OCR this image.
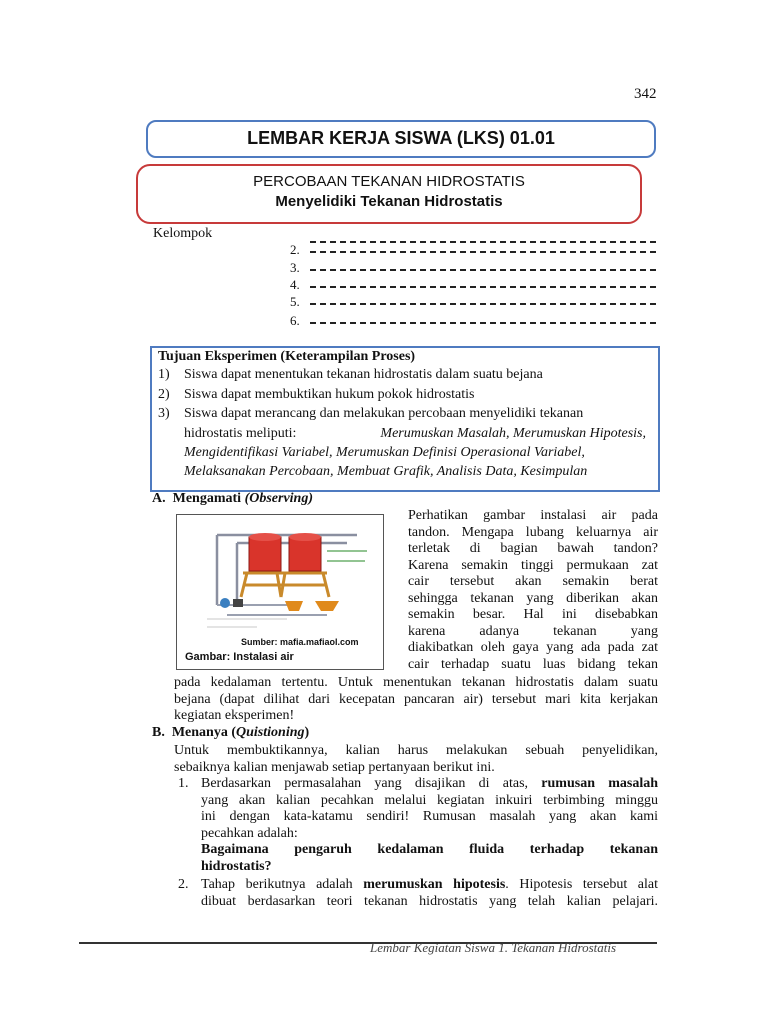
342
LEMBAR KERJA SISWA (LKS) 01.01
PERCOBAAN TEKANAN HIDROSTATIS
Menyelidiki Tekanan Hidrostatis
Kelompok
2.
3.
4.
5.
6.
Tujuan Eksperimen (Keterampilan Proses)
1) Siswa dapat menentukan tekanan hidrostatis dalam suatu bejana
2) Siswa dapat membuktikan hukum pokok hidrostatis
3) Siswa dapat merancang dan melakukan percobaan menyelidiki tekanan
hidrostatis meliputi:	Merumuskan Masalah, Merumuskan Hipotesis,
Mengidentifikasi Variabel, Merumuskan Definisi Operasional Variabel,
Melaksanakan Percobaan, Membuat Grafik, Analisis Data, Kesimpulan
A. Mengamati (Observing)
Sumber: mafia.mafiaol.com
Gambar: Instalasi air
Perhatikan gambar instalasi air pada
tandon. Mengapa lubang keluarnya air
terletak di bagian bawah tandon?
Karena semakin tinggi permukaan zat
cair tersebut akan semakin berat
sehingga tekanan yang diberikan akan
semakin besar. Hal ini disebabkan
karena adanya tekanan yang
diakibatkan oleh gaya yang ada pada zat
cair terhadap suatu luas bidang tekan
pada kedalaman tertentu. Untuk menentukan tekanan hidrostatis dalam suatu
bejana (dapat dilihat dari kecepatan pancaran air) tersebut mari kita kerjakan
kegiatan eksperimen!
B. Menanya (Quistioning)
Untuk membuktikannya, kalian harus melakukan sebuah penyelidikan,
sebaiknya kalian menjawab setiap pertanyaan berikut ini.
1. Berdasarkan permasalahan yang disajikan di atas, rumusan masalah
yang akan kalian pecahkan melalui kegiatan inkuiri terbimbing minggu
ini dengan kata-katamu sendiri! Rumusan masalah yang akan kami
pecahkan adalah:
Bagaimana pengaruh kedalaman fluida terhadap tekanan
hidrostatis?
2. Tahap berikutnya adalah merumuskan hipotesis. Hipotesis tersebut alat
dibuat berdasarkan teori tekanan hidrostatis yang telah kalian pelajari.
Lembar Kegiatan Siswa 1. Tekanan Hidrostatis
